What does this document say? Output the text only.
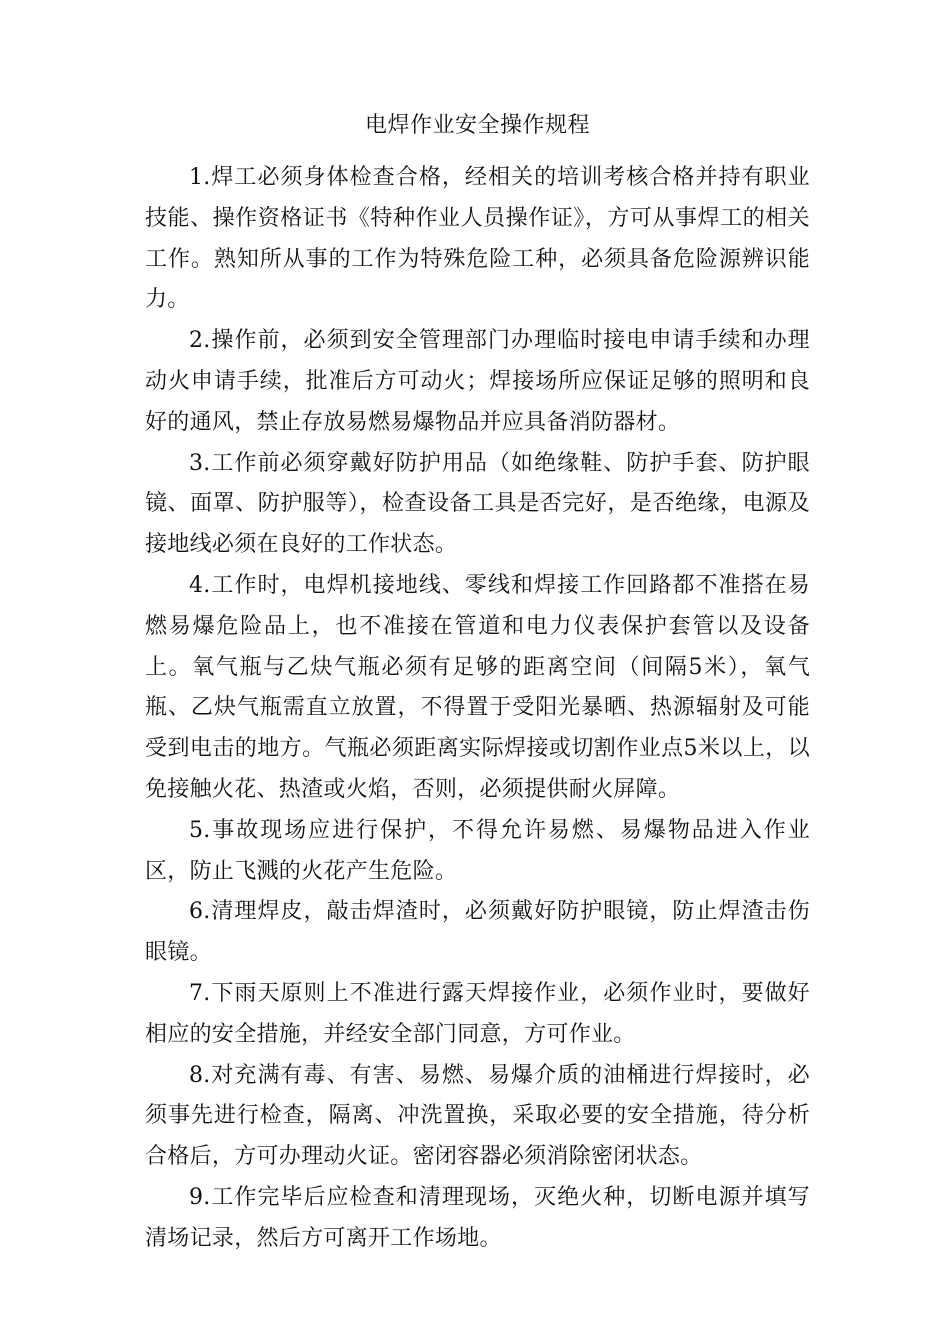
电焊作业安全操作规程

1.焊工必须身体检查合格，经相关的培训考核合格并持有职业技能、操作资格证书《特种作业人员操作证》，方可从事焊工的相关工作。熟知所从事的工作为特殊危险工种，必须具备危险源辨识能力。

2.操作前，必须到安全管理部门办理临时接电申请手续和办理动火申请手续，批准后方可动火；焊接场所应保证足够的照明和良好的通风，禁止存放易燃易爆物品并应具备消防器材。

3.工作前必须穿戴好防护用品（如绝缘鞋、防护手套、防护眼镜、面罩、防护服等），检查设备工具是否完好，是否绝缘，电源及接地线必须在良好的工作状态。

4.工作时，电焊机接地线、零线和焊接工作回路都不准搭在易燃易爆危险品上，也不准接在管道和电力仪表保护套管以及设备上。氧气瓶与乙炔气瓶必须有足够的距离空间（间隔5米），氧气瓶、乙炔气瓶需直立放置，不得置于受阳光暴晒、热源辐射及可能受到电击的地方。气瓶必须距离实际焊接或切割作业点5米以上，以免接触火花、热渣或火焰，否则，必须提供耐火屏障。

5.事故现场应进行保护，不得允许易燃、易爆物品进入作业区，防止飞溅的火花产生危险。

6.清理焊皮，敲击焊渣时，必须戴好防护眼镜，防止焊渣击伤眼镜。

7.下雨天原则上不准进行露天焊接作业，必须作业时，要做好相应的安全措施，并经安全部门同意，方可作业。

8.对充满有毒、有害、易燃、易爆介质的油桶进行焊接时，必须事先进行检查，隔离、冲洗置换，采取必要的安全措施，待分析合格后，方可办理动火证。密闭容器必须消除密闭状态。

9.工作完毕后应检查和清理现场，灭绝火种，切断电源并填写清场记录，然后方可离开工作场地。
